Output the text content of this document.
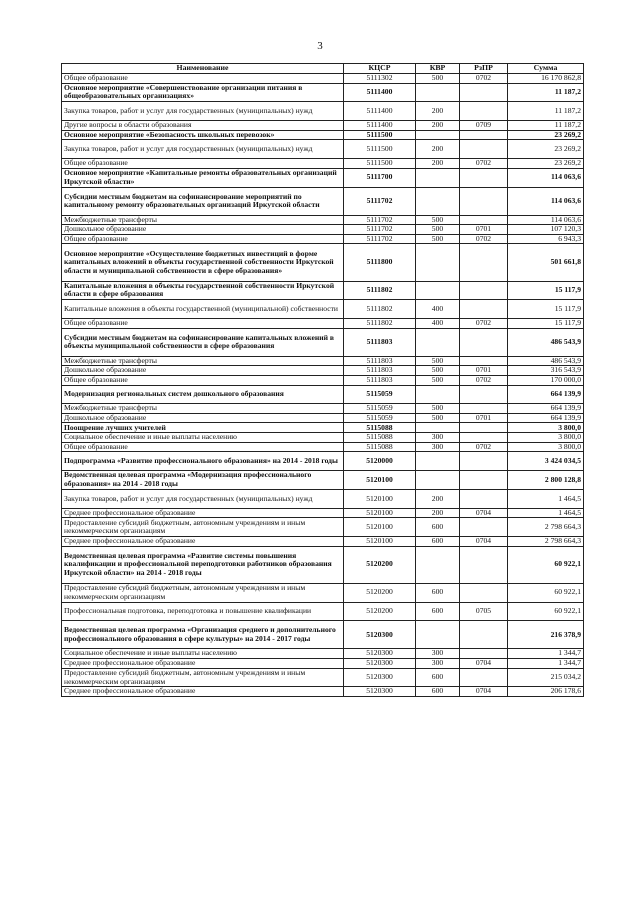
3
Наименование	КЦСР	КВР	РзПР	Сумма
Общее образование	5111302	500	0702	16 170 862,8
Основное мероприятие «Совершенствование организации питания в общеобразовательных организациях»	5111400			11 187,2
Закупка товаров, работ и услуг для государственных (муниципальных) нужд	5111400	200		11 187,2
Другие вопросы в области образования	5111400	200	0709	11 187,2
Основное мероприятие «Безопасность школьных перевозок»	5111500			23 269,2
Закупка товаров, работ и услуг для государственных (муниципальных) нужд	5111500	200		23 269,2
Общее образование	5111500	200	0702	23 269,2
Основное мероприятие «Капитальные ремонты образовательных организаций Иркутской области»	5111700			114 063,6
Субсидии местным бюджетам на софинансирование мероприятий по капитальному ремонту образовательных организаций Иркутской области	5111702			114 063,6
Межбюджетные трансферты	5111702	500		114 063,6
Дошкольное образование	5111702	500	0701	107 120,3
Общее образование	5111702	500	0702	6 943,3
Основное мероприятие «Осуществление бюджетных инвестиций в форме капитальных вложений в объекты государственной собственности Иркутской области и муниципальной собственности в сфере образования»	5111800			501 661,8
Капитальные вложения в объекты государственной собственности Иркутской области в сфере образования	5111802			15 117,9
Капитальные вложения в объекты государственной (муниципальной) собственности	5111802	400		15 117,9
Общее образование	5111802	400	0702	15 117,9
Субсидии местным бюджетам на софинансирование капитальных вложений в объекты муниципальной собственности в сфере образования	5111803			486 543,9
Межбюджетные трансферты	5111803	500		486 543,9
Дошкольное образование	5111803	500	0701	316 543,9
Общее образование	5111803	500	0702	170 000,0
Модернизация региональных систем дошкольного образования	5115059			664 139,9
Межбюджетные трансферты	5115059	500		664 139,9
Дошкольное образование	5115059	500	0701	664 139,9
Поощрение лучших учителей	5115088			3 800,0
Социальное обеспечение и иные выплаты населению	5115088	300		3 800,0
Общее образование	5115088	300	0702	3 800,0
Подпрограмма «Развитие профессионального образования» на 2014 - 2018 годы	5120000			3 424 034,5
Ведомственная целевая программа «Модернизация профессионального образования» на 2014 - 2018 годы	5120100			2 800 128,8
Закупка товаров, работ и услуг для государственных (муниципальных) нужд	5120100	200		1 464,5
Среднее профессиональное образование	5120100	200	0704	1 464,5
Предоставление субсидий бюджетным, автономным учреждениям и иным некоммерческим организациям	5120100	600		2 798 664,3
Среднее профессиональное образование	5120100	600	0704	2 798 664,3
Ведомственная целевая программа «Развитие системы повышения квалификации и профессиональной переподготовки работников образования Иркутской области» на 2014 - 2018 годы	5120200			60 922,1
Предоставление субсидий бюджетным, автономным учреждениям и иным некоммерческим организациям	5120200	600		60 922,1
Профессиональная подготовка, переподготовка и повышение квалификации	5120200	600	0705	60 922,1
Ведомственная целевая программа «Организация среднего и дополнительного профессионального образования в сфере культуры» на 2014 - 2017 годы	5120300			216 378,9
Социальное обеспечение и иные выплаты населению	5120300	300		1 344,7
Среднее профессиональное образование	5120300	300	0704	1 344,7
Предоставление субсидий бюджетным, автономным учреждениям и иным некоммерческим организациям	5120300	600		215 034,2
Среднее профессиональное образование	5120300	600	0704	206 178,6
